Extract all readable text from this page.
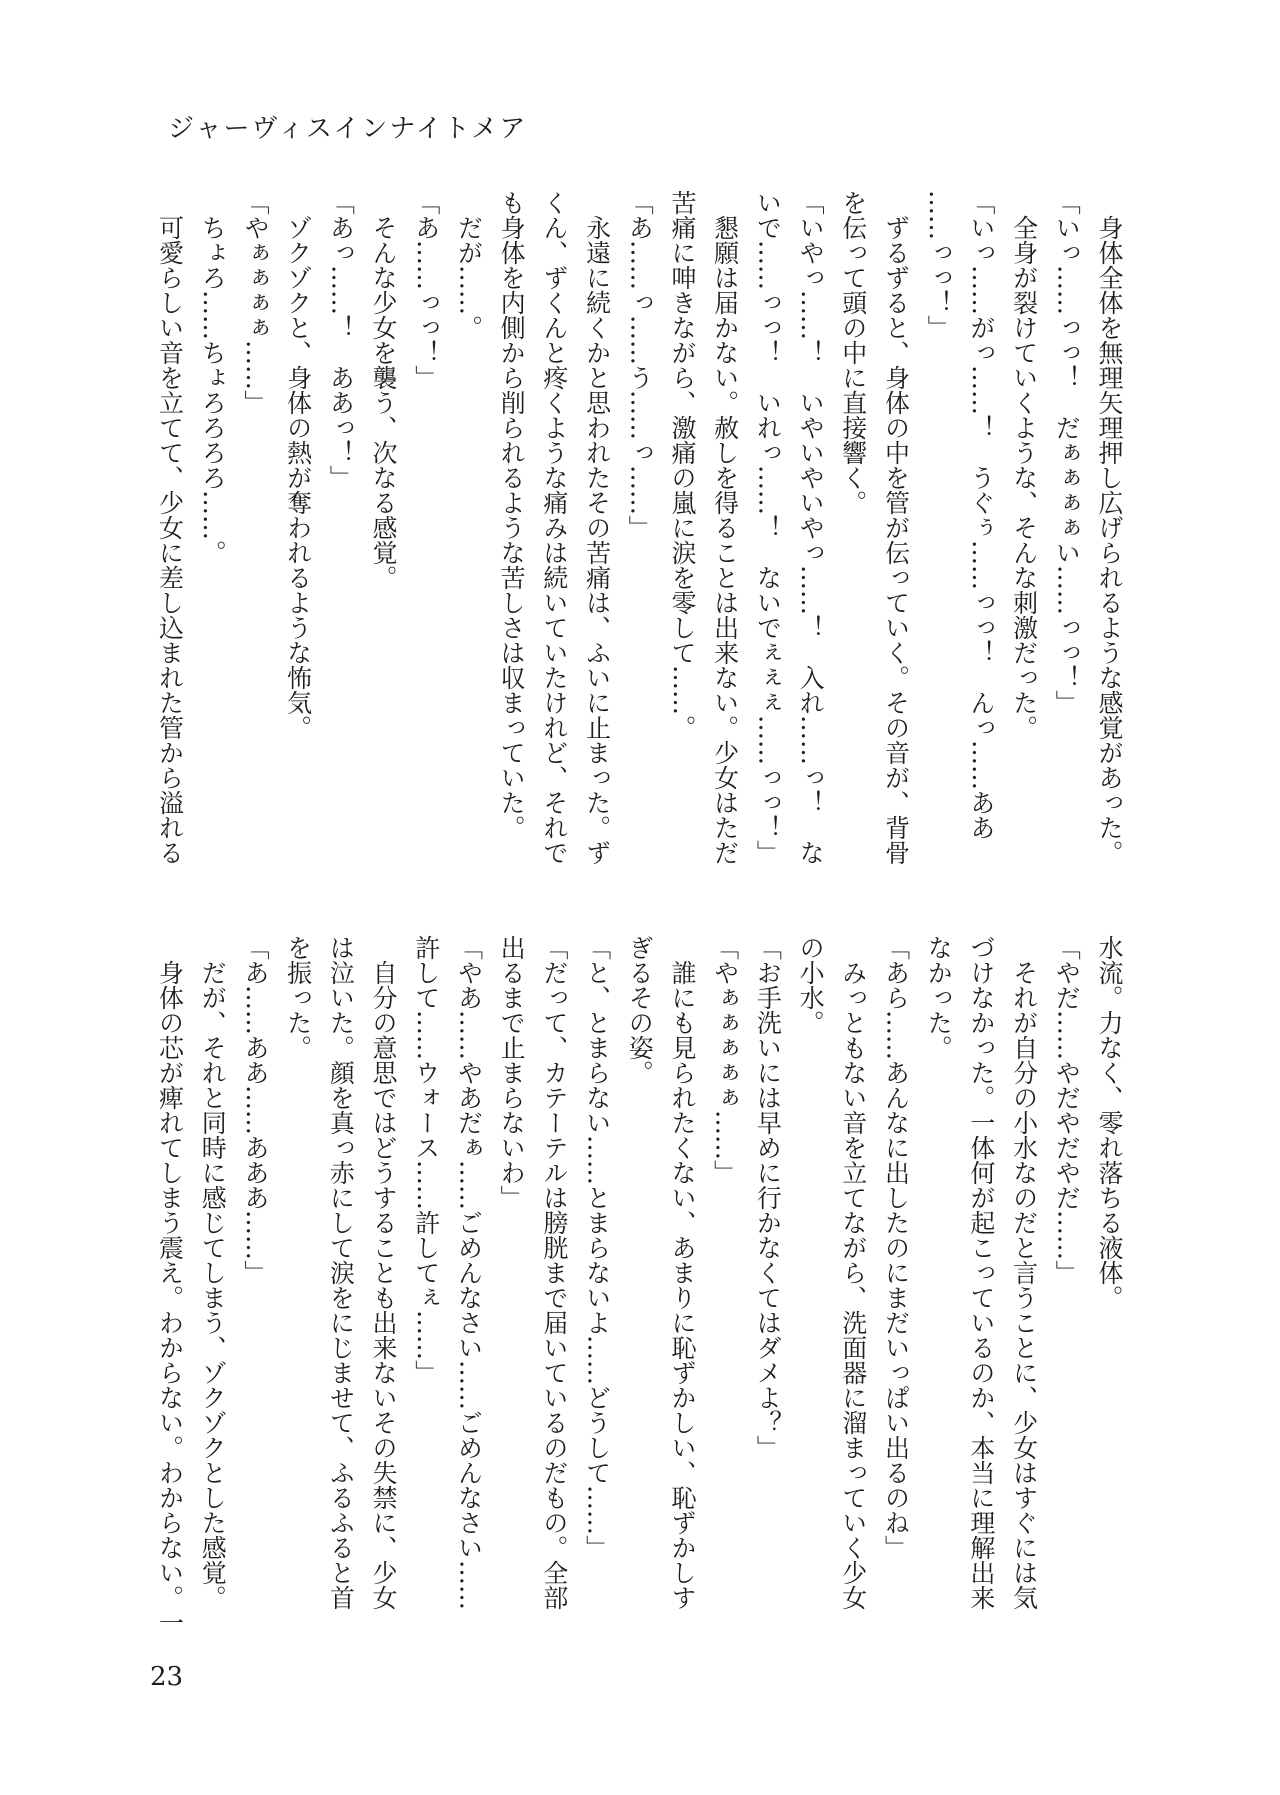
ジャーヴィスインナイトメア
　身体全体を無理矢理押し広げられるような感覚があった。
「いっ……っっ！　だぁぁぁぁい……っっ！」
　全身が裂けていくような、そんな刺激だった。
「いっ……がっ……！　うぐぅ……っっ！　んっ……ああ
……っっ！」
　ずるずると、身体の中を管が伝っていく。その音が、背骨
を伝って頭の中に直接響く。
「いやっ……！　いやいやいやっ……！　入れ……っ！　な
いで……っっ！　いれっ……！　ないでぇぇぇ……っっ！」
　懇願は届かない。赦しを得ることは出来ない。少女はただ
苦痛に呻きながら、激痛の嵐に涙を零して……。
「あ……っ……う……っ……」
　永遠に続くかと思われたその苦痛は、ふいに止まった。ず
くん、ずくんと疼くような痛みは続いていたけれど、それで
も身体を内側から削られるような苦しさは収まっていた。
　だが……。
「あ……っっ！」
　そんな少女を襲う、次なる感覚。
「あっ……！　ああっ！」
　ゾクゾクと、身体の熱が奪われるような怖気。
「やぁぁぁぁ……」
　ちょろ……ちょろろろろ……。
　可愛らしい音を立てて、少女に差し込まれた管から溢れる
水流。力なく、零れ落ちる液体。
「やだ……やだやだやだ……」
　それが自分の小水なのだと言うことに、少女はすぐには気
づけなかった。一体何が起こっているのか、本当に理解出来
なかった。
「あら……あんなに出したのにまだいっぱい出るのね」
　みっともない音を立てながら、洗面器に溜まっていく少女
の小水。
「お手洗いには早めに行かなくてはダメよ？」
「やぁぁぁぁぁ……」
　誰にも見られたくない、あまりに恥ずかしい、恥ずかしす
ぎるその姿。
「と、とまらない……とまらないよ……どうして……」
「だって、カテーテルは膀胱まで届いているのだもの。全部
出るまで止まらないわ」
「やあ……やあだぁ……ごめんなさい……ごめんなさい……
許して……ウォース……許してぇ……」
　自分の意思ではどうすることも出来ないその失禁に、少女
は泣いた。顔を真っ赤にして涙をにじませて、ふるふると首
を振った。
「あ……ああ……あああ……」
　だが、それと同時に感じてしまう、ゾクゾクとした感覚。
　身体の芯が痺れてしまう震え。わからない。わからない。一
23
